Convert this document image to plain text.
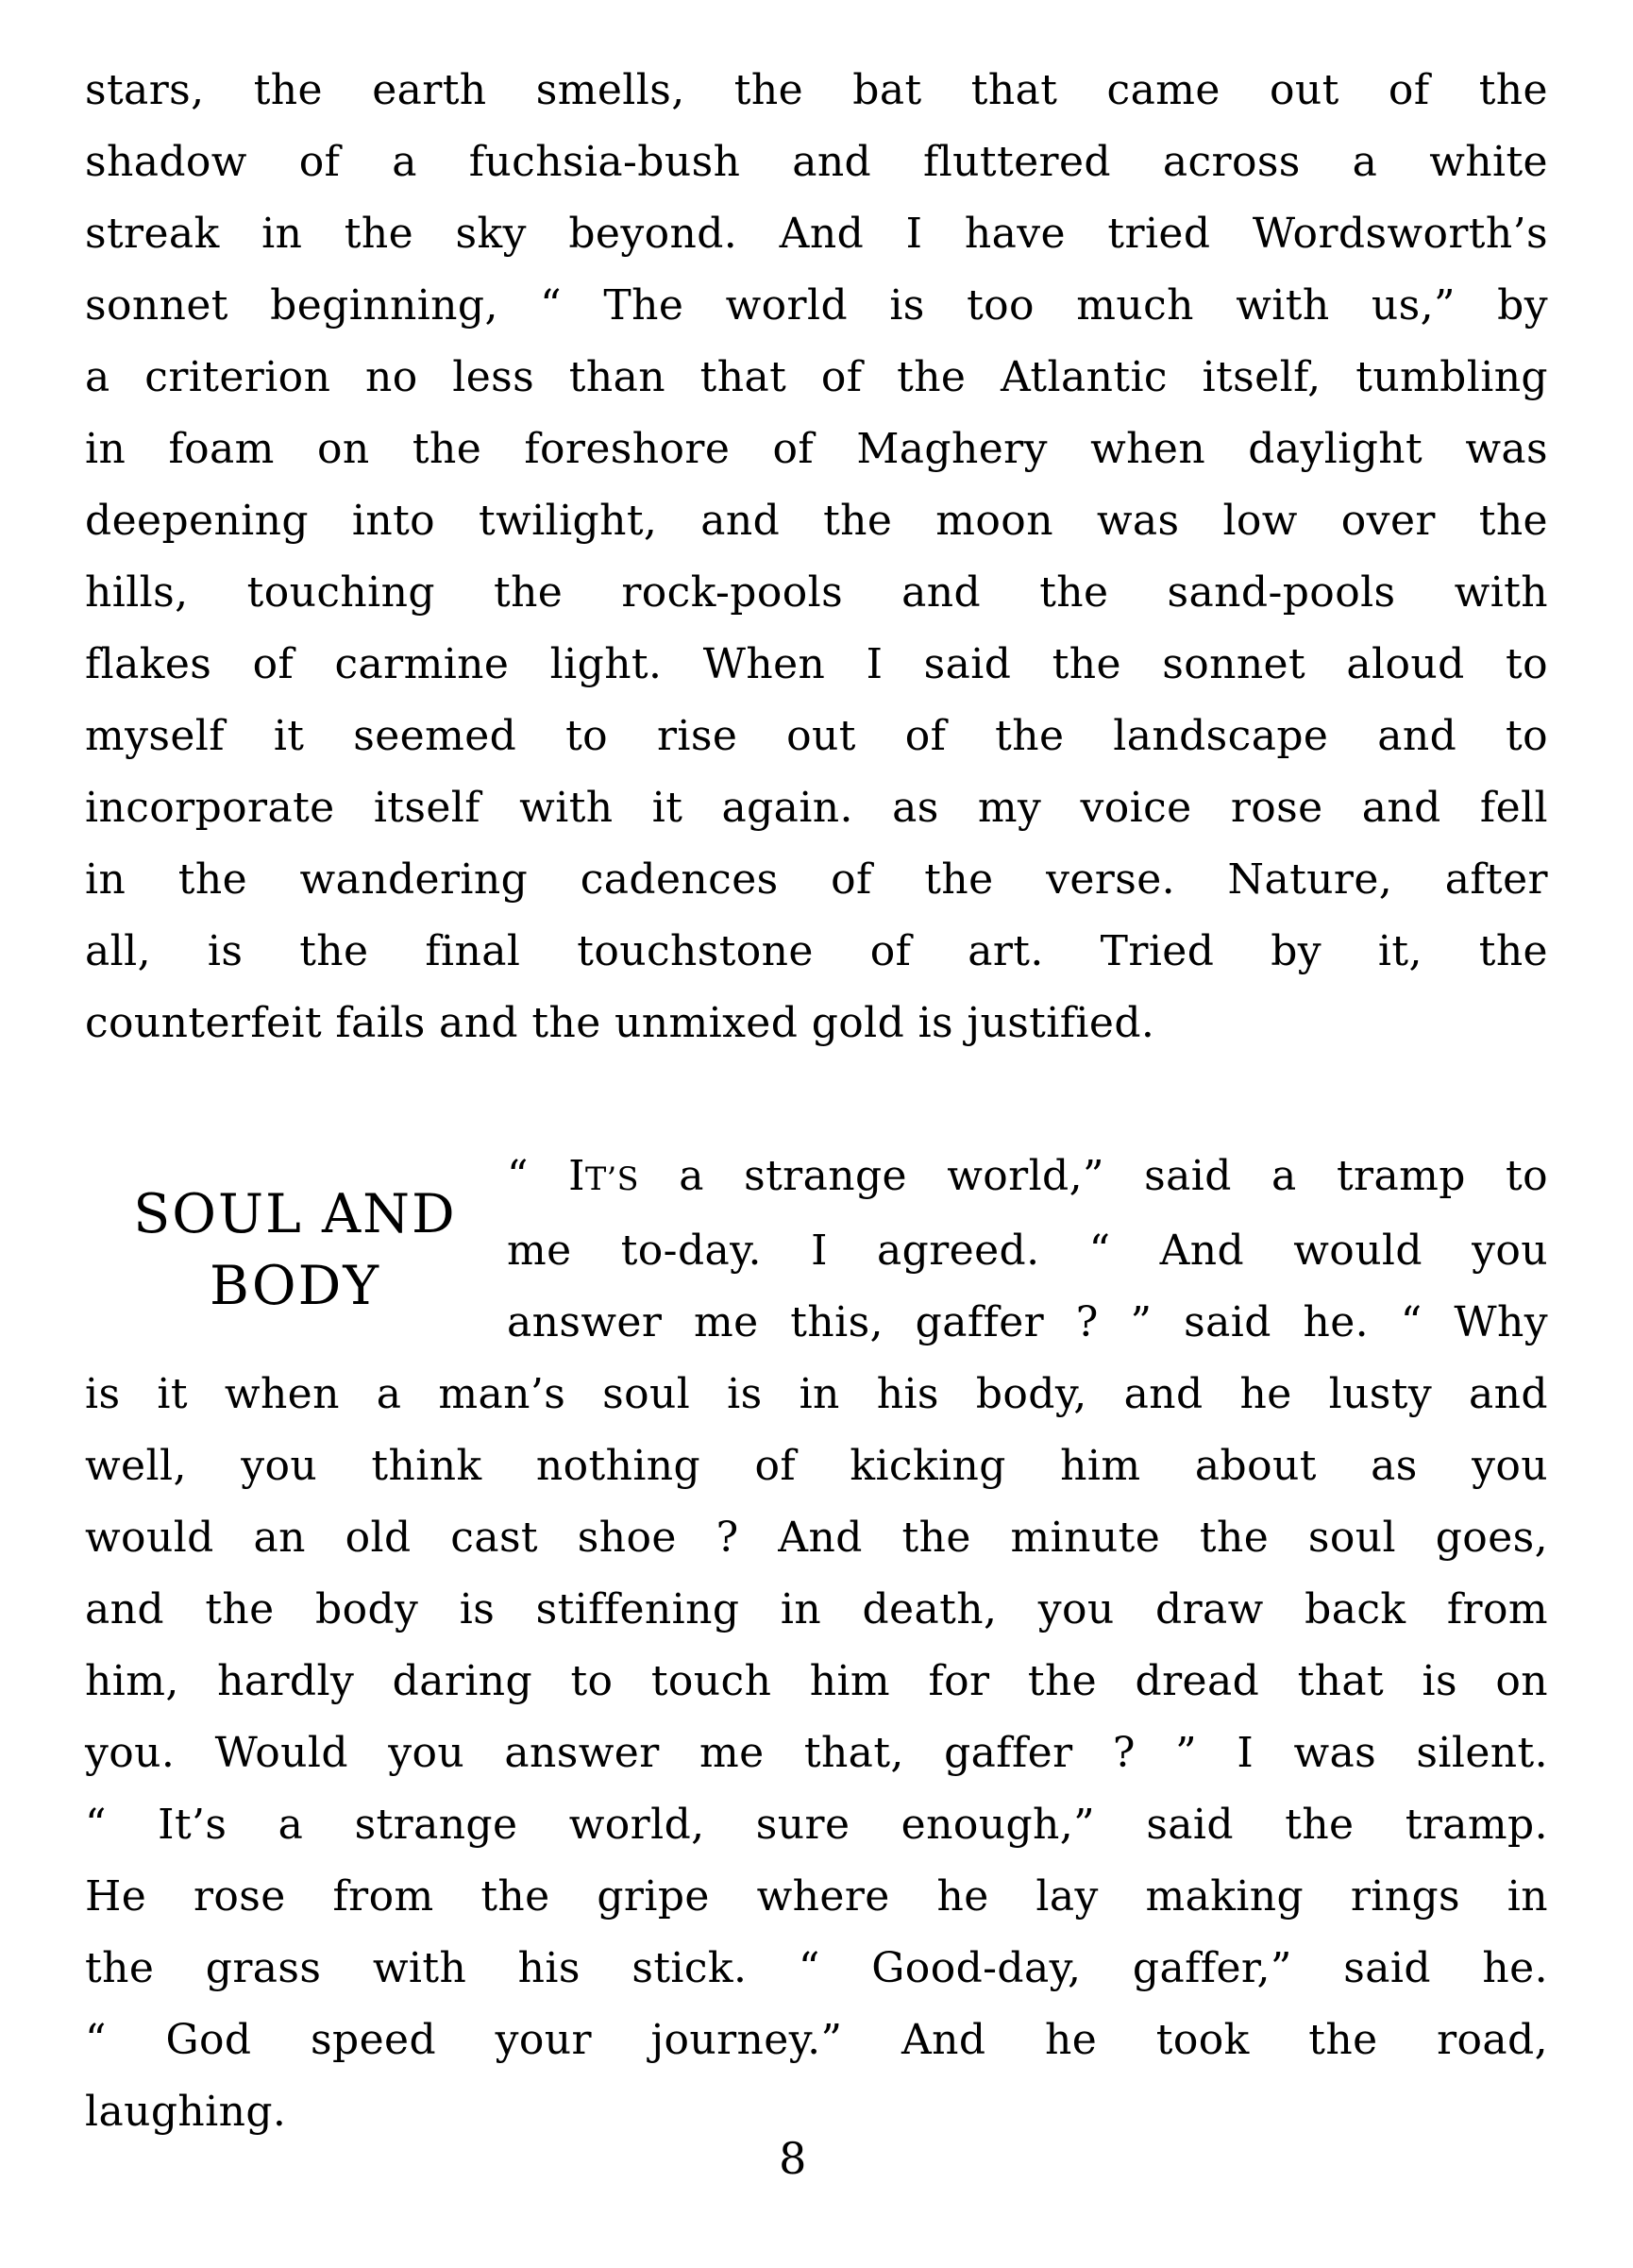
stars, the earth smells, the bat that came out of the
shadow of a fuchsia-bush and fluttered across a white
streak in the sky beyond. And I have tried Wordsworth’s
sonnet beginning, “ The world is too much with us,” by
a criterion no less than that of the Atlantic itself, tumbling
in foam on the foreshore of Maghery when daylight was
deepening into twilight, and the moon was low over the
hills, touching the rock-pools and the sand-pools with
flakes of carmine light. When I said the sonnet aloud to
myself it seemed to rise out of the landscape and to
incorporate itself with it again. as my voice rose and fell
in the wandering cadences of the verse. Nature, after
all, is the final touchstone of art. Tried by it, the
counterfeit fails and the unmixed gold is justified.
SOUL AND
BODY
“ IT’S a strange world,” said a tramp to
me to-day. I agreed. “ And would you
answer me this, gaffer ? ” said he. “ Why
is it when a man’s soul is in his body, and he lusty and
well, you think nothing of kicking him about as you
would an old cast shoe ? And the minute the soul goes,
and the body is stiffening in death, you draw back from
him, hardly daring to touch him for the dread that is on
you. Would you answer me that, gaffer ? ” I was silent.
“ It’s a strange world, sure enough,” said the tramp.
He rose from the gripe where he lay making rings in
the grass with his stick. “ Good-day, gaffer,” said he.
“ God speed your journey.” And he took the road,
laughing.
8
